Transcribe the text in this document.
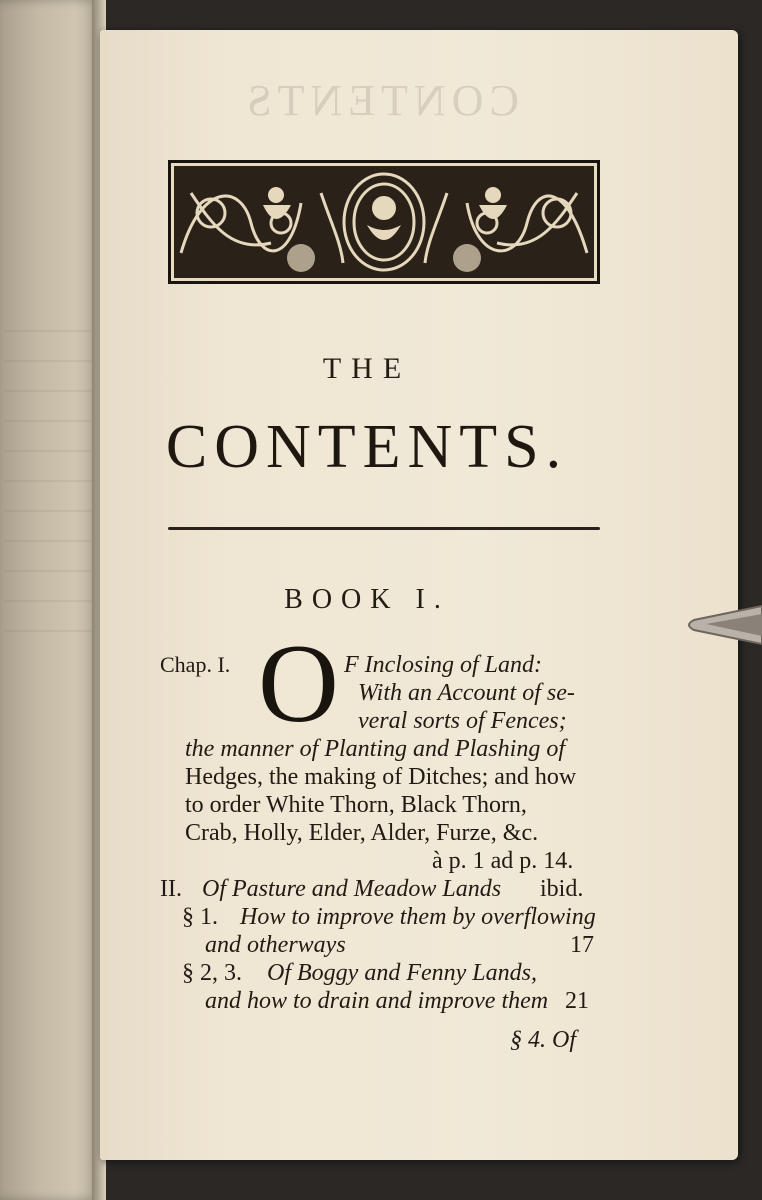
CONTENTS
THE
CONTENTS.
BOOK I.
Chap. I. O F Inclosing of Land:
With an Account of se-
veral sorts of Fences;
the manner of Planting and Plashing of
Hedges, the making of Ditches; and how
to order White Thorn, Black Thorn,
Crab, Holly, Elder, Alder, Furze, &c.
à p. 1 ad p. 14.
II. Of Pasture and Meadow Lands ibid.
§ 1. How to improve them by overflowing
and otherways	17
§ 2, 3. Of Boggy and Fenny Lands,
and how to drain and improve them 21
§ 4. Of
